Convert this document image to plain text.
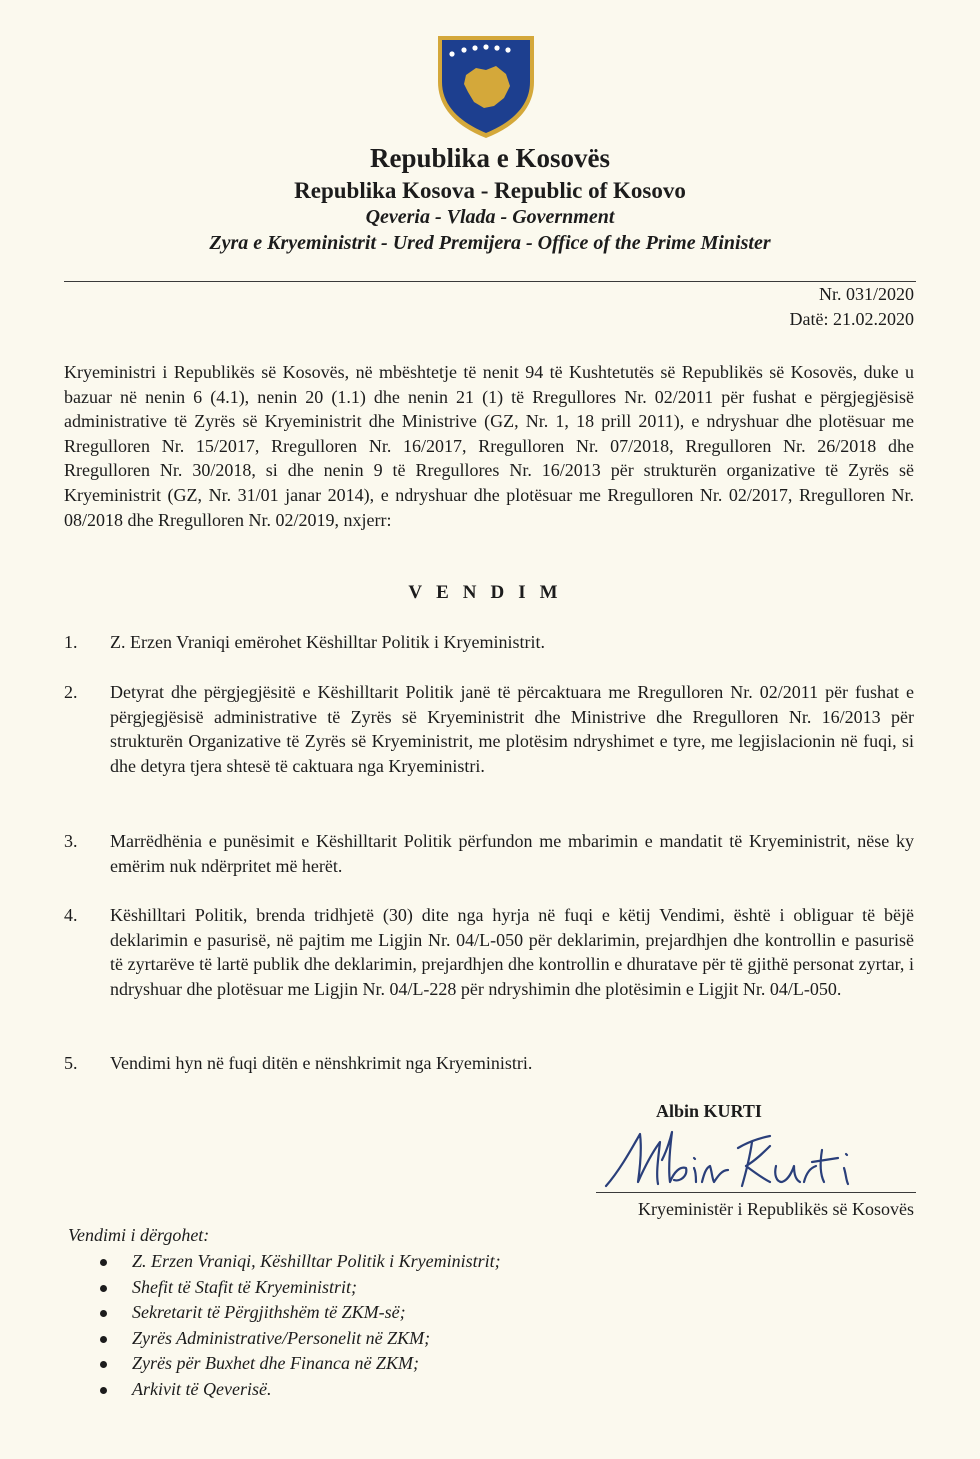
Republika e Kosovës
Republika Kosova - Republic of Kosovo
Qeveria - Vlada - Government
Zyra e Kryeministrit - Ured Premijera - Office of the Prime Minister
Nr. 031/2020
Datë: 21.02.2020
Kryeministri i Republikës së Kosovës, në mbështetje të nenit 94 të Kushtetutës së Republikës së Kosovës, duke u bazuar në nenin 6 (4.1), nenin 20 (1.1) dhe nenin 21 (1) të Rregullores Nr. 02/2011 për fushat e përgjegjësisë administrative të Zyrës së Kryeministrit dhe Ministrive (GZ, Nr. 1, 18 prill 2011), e ndryshuar dhe plotësuar me Rregulloren Nr. 15/2017, Rregulloren Nr. 16/2017, Rregulloren Nr. 07/2018, Rregulloren Nr. 26/2018 dhe Rregulloren Nr. 30/2018, si dhe nenin 9 të Rregullores Nr. 16/2013 për strukturën organizative të Zyrës së Kryeministrit (GZ, Nr. 31/01 janar 2014), e ndryshuar dhe plotësuar me Rregulloren Nr. 02/2017, Rregulloren Nr. 08/2018 dhe Rregulloren Nr. 02/2019, nxjerr:
VENDIM
1.	Z. Erzen Vraniqi emërohet Këshilltar Politik i Kryeministrit.
2.	Detyrat dhe përgjegjësitë e Këshilltarit Politik janë të përcaktuara me Rregulloren Nr. 02/2011 për fushat e përgjegjësisë administrative të Zyrës së Kryeministrit dhe Ministrive dhe Rregulloren Nr. 16/2013 për strukturën Organizative të Zyrës së Kryeministrit, me plotësim ndryshimet e tyre, me legjislacionin në fuqi, si dhe detyra tjera shtesë të caktuara nga Kryeministri.
3.	Marrëdhënia e punësimit e Këshilltarit Politik përfundon me mbarimin e mandatit të Kryeministrit, nëse ky emërim nuk ndërpritet më herët.
4.	Këshilltari Politik, brenda tridhjetë (30) dite nga hyrja në fuqi e këtij Vendimi, është i obliguar të bëjë deklarimin e pasurisë, në pajtim me Ligjin Nr. 04/L-050 për deklarimin, prejardhjen dhe kontrollin e pasurisë të zyrtarëve të lartë publik dhe deklarimin, prejardhjen dhe kontrollin e dhuratave për të gjithë personat zyrtar, i ndryshuar dhe plotësuar me Ligjin Nr. 04/L-228 për ndryshimin dhe plotësimin e Ligjit Nr. 04/L-050.
5.	Vendimi hyn në fuqi ditën e nënshkrimit nga Kryeministri.
Albin KURTI
Kryeministër i Republikës së Kosovës
Vendimi i dërgohet:
Z. Erzen Vraniqi, Këshilltar Politik i Kryeministrit;
Shefit të Stafit të Kryeministrit;
Sekretarit të Përgjithshëm të ZKM-së;
Zyrës Administrative/Personelit në ZKM;
Zyrës për Buxhet dhe Financa në ZKM;
Arkivit të Qeverisë.
